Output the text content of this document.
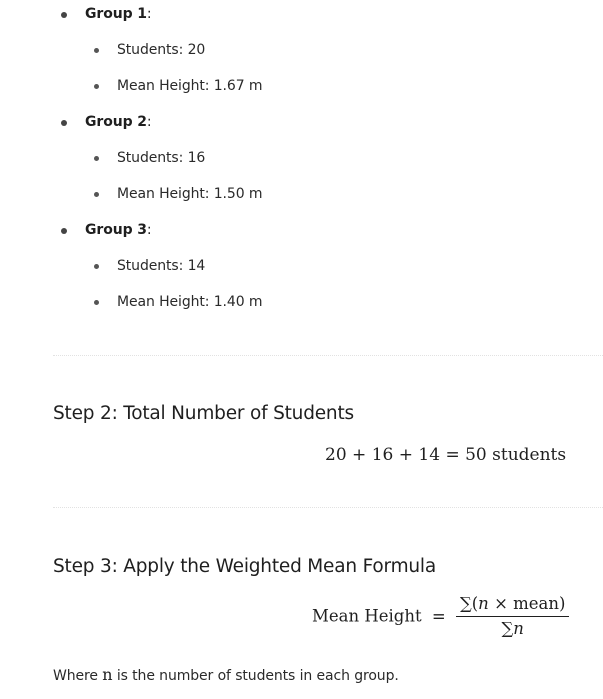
Group 1:
Students: 20
Mean Height: 1.67 m
Group 2:
Students: 16
Mean Height: 1.50 m
Group 3:
Students: 14
Mean Height: 1.40 m
Step 2: Total Number of Students
20 + 16 + 14 = 50 students
Step 3: Apply the Weighted Mean Formula
Mean Height = $\frac{\text{∑(n × mean)}}{\sum n}$
Where n is the number of students in each group.
